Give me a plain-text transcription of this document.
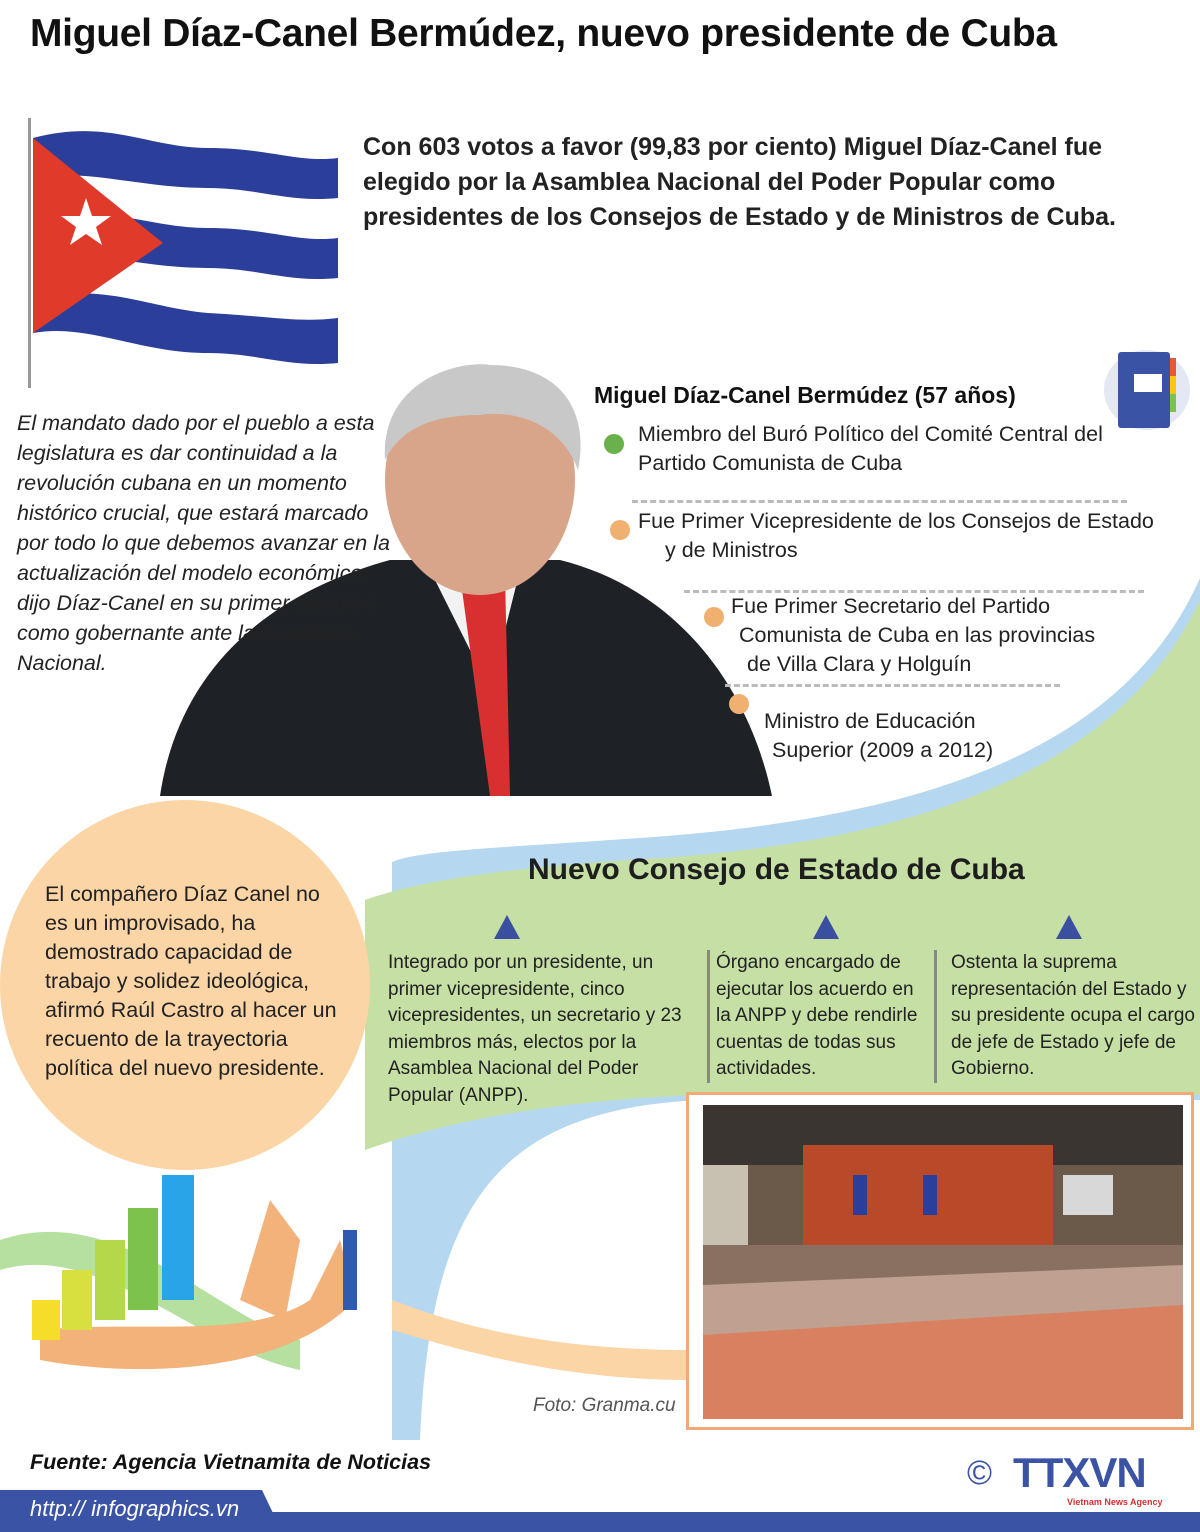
Miguel Díaz-Canel Bermúdez, nuevo presidente de Cuba
Con 603 votos a favor (99,83 por ciento) Miguel Díaz-Canel fue elegido por la Asamblea Nacional del Poder Popular como presidentes de los Consejos de Estado y de Ministros de Cuba.
El mandato dado por el pueblo a esta legislatura es dar continuidad a la revolución cubana en un momento histórico crucial, que estará marcado por todo lo que debemos avanzar en la actualización del modelo económico, dijo Díaz-Canel en su primer discurso como gobernante ante la Asamblea Nacional.
Miguel Díaz-Canel Bermúdez (57 años)
Miembro del Buró Político del Comité Central del
Partido Comunista de Cuba
Fue Primer Vicepresidente de los Consejos de Estado
y de Ministros
Fue Primer Secretario del Partido
Comunista de Cuba en las provincias
de Villa Clara y Holguín
Ministro de Educación
Superior (2009 a 2012)
El compañero Díaz Canel no es un improvisado, ha demostrado capacidad de trabajo y solidez ideológica, afirmó Raúl Castro al hacer un recuento de la trayectoria política del nuevo presidente.
Nuevo Consejo de Estado de Cuba
Integrado por un presidente, un primer vicepresidente, cinco vicepresidentes, un secretario y 23 miembros más, electos por la Asamblea Nacional del Poder Popular (ANPP).
Órgano encargado de ejecutar los acuerdo en la ANPP y debe rendirle cuentas de todas sus actividades.
Ostenta la suprema representación del Estado y su presidente ocupa el cargo de jefe de Estado y jefe de Gobierno.
Foto: Granma.cu
Fuente: Agencia Vietnamita de Noticias
http:// infographics.vn
© TTXVN
Vietnam News Agency
